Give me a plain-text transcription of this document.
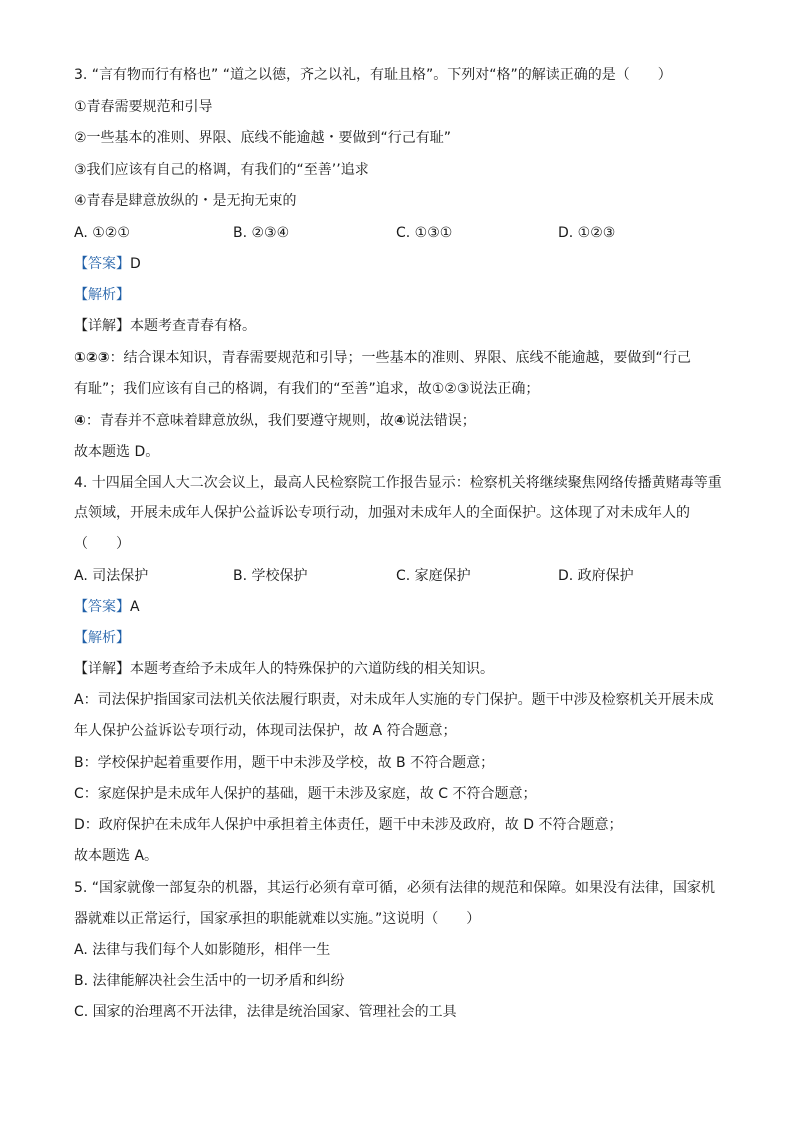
3. “言有物而行有格也” “道之以德，齐之以礼，有耻且格”。下列对“格”的解读正确的是（　　）
①青春需要规范和引导
②一些基本的准则、界限、底线不能逾越・要做到“行己有耻”
③我们应该有自己的格调，有我们的“至善’’追求
④青春是肆意放纵的・是无拘无束的
A. ①②①	B. ②③④	C. ①③①	D. ①②③
【答案】D
【解析】
【详解】本题考查青春有格。
①②③：结合课本知识，青春需要规范和引导；一些基本的准则、界限、底线不能逾越，要做到“行己
有耻”；我们应该有自己的格调，有我们的“至善”追求，故①②③说法正确；
④：青春并不意味着肆意放纵，我们要遵守规则，故④说法错误；
故本题选 D。
4. 十四届全国人大二次会议上，最高人民检察院工作报告显示：检察机关将继续聚焦网络传播黄赌毒等重
点领域，开展未成年人保护公益诉讼专项行动，加强对未成年人的全面保护。这体现了对未成年人的
（　　）
A. 司法保护	B. 学校保护	C. 家庭保护	D. 政府保护
【答案】A
【解析】
【详解】本题考查给予未成年人的特殊保护的六道防线的相关知识。
A：司法保护指国家司法机关依法履行职责，对未成年人实施的专门保护。题干中涉及检察机关开展未成
年人保护公益诉讼专项行动，体现司法保护，故 A 符合题意；
B：学校保护起着重要作用，题干中未涉及学校，故 B 不符合题意；
C：家庭保护是未成年人保护的基础，题干未涉及家庭，故 C 不符合题意；
D：政府保护在未成年人保护中承担着主体责任，题干中未涉及政府，故 D 不符合题意；
故本题选 A。
5. “国家就像一部复杂的机器，其运行必须有章可循，必须有法律的规范和保障。如果没有法律，国家机
器就难以正常运行，国家承担的职能就难以实施。”这说明（　　）
A. 法律与我们每个人如影随形，相伴一生
B. 法律能解决社会生活中的一切矛盾和纠纷
C. 国家的治理离不开法律，法律是统治国家、管理社会的工具
